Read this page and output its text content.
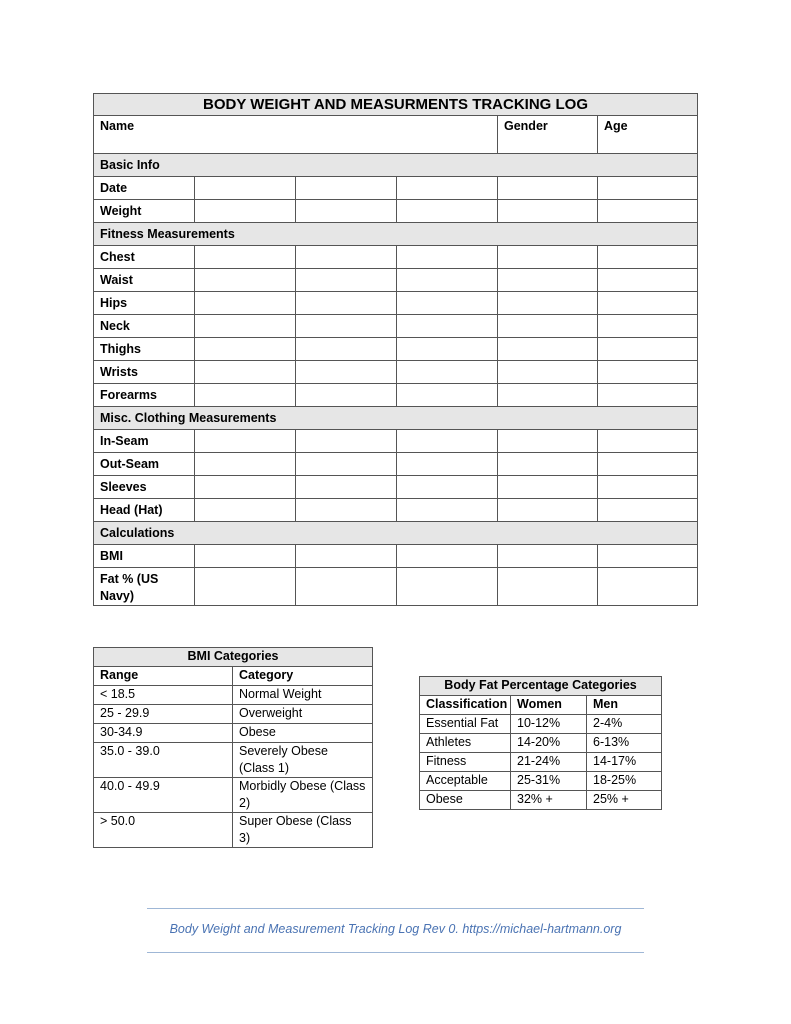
BODY WEIGHT AND MEASURMENTS TRACKING LOG					
Name				Gender	Age
Basic Info					
Date					
Weight					
Fitness Measurements					
Chest					
Waist					
Hips					
Neck					
Thighs					
Wrists					
Forearms					
Misc. Clothing Measurements					
In-Seam					
Out-Seam					
Sleeves					
Head (Hat)					
Calculations					
BMI					
Fat % (US Navy)					
BMI Categories	
Range	Category
< 18.5	Normal Weight
25 - 29.9	Overweight
30-34.9	Obese
35.0 - 39.0	Severely Obese (Class 1)
40.0 - 49.9	Morbidly Obese (Class 2)
> 50.0	Super Obese (Class 3)
Body Fat Percentage Categories		
Classification	Women	Men
Essential Fat	10-12%	2-4%
Athletes	14-20%	6-13%
Fitness	21-24%	14-17%
Acceptable	25-31%	18-25%
Obese	32% +	25% +
Body Weight and Measurement Tracking Log Rev 0. https://michael-hartmann.org
